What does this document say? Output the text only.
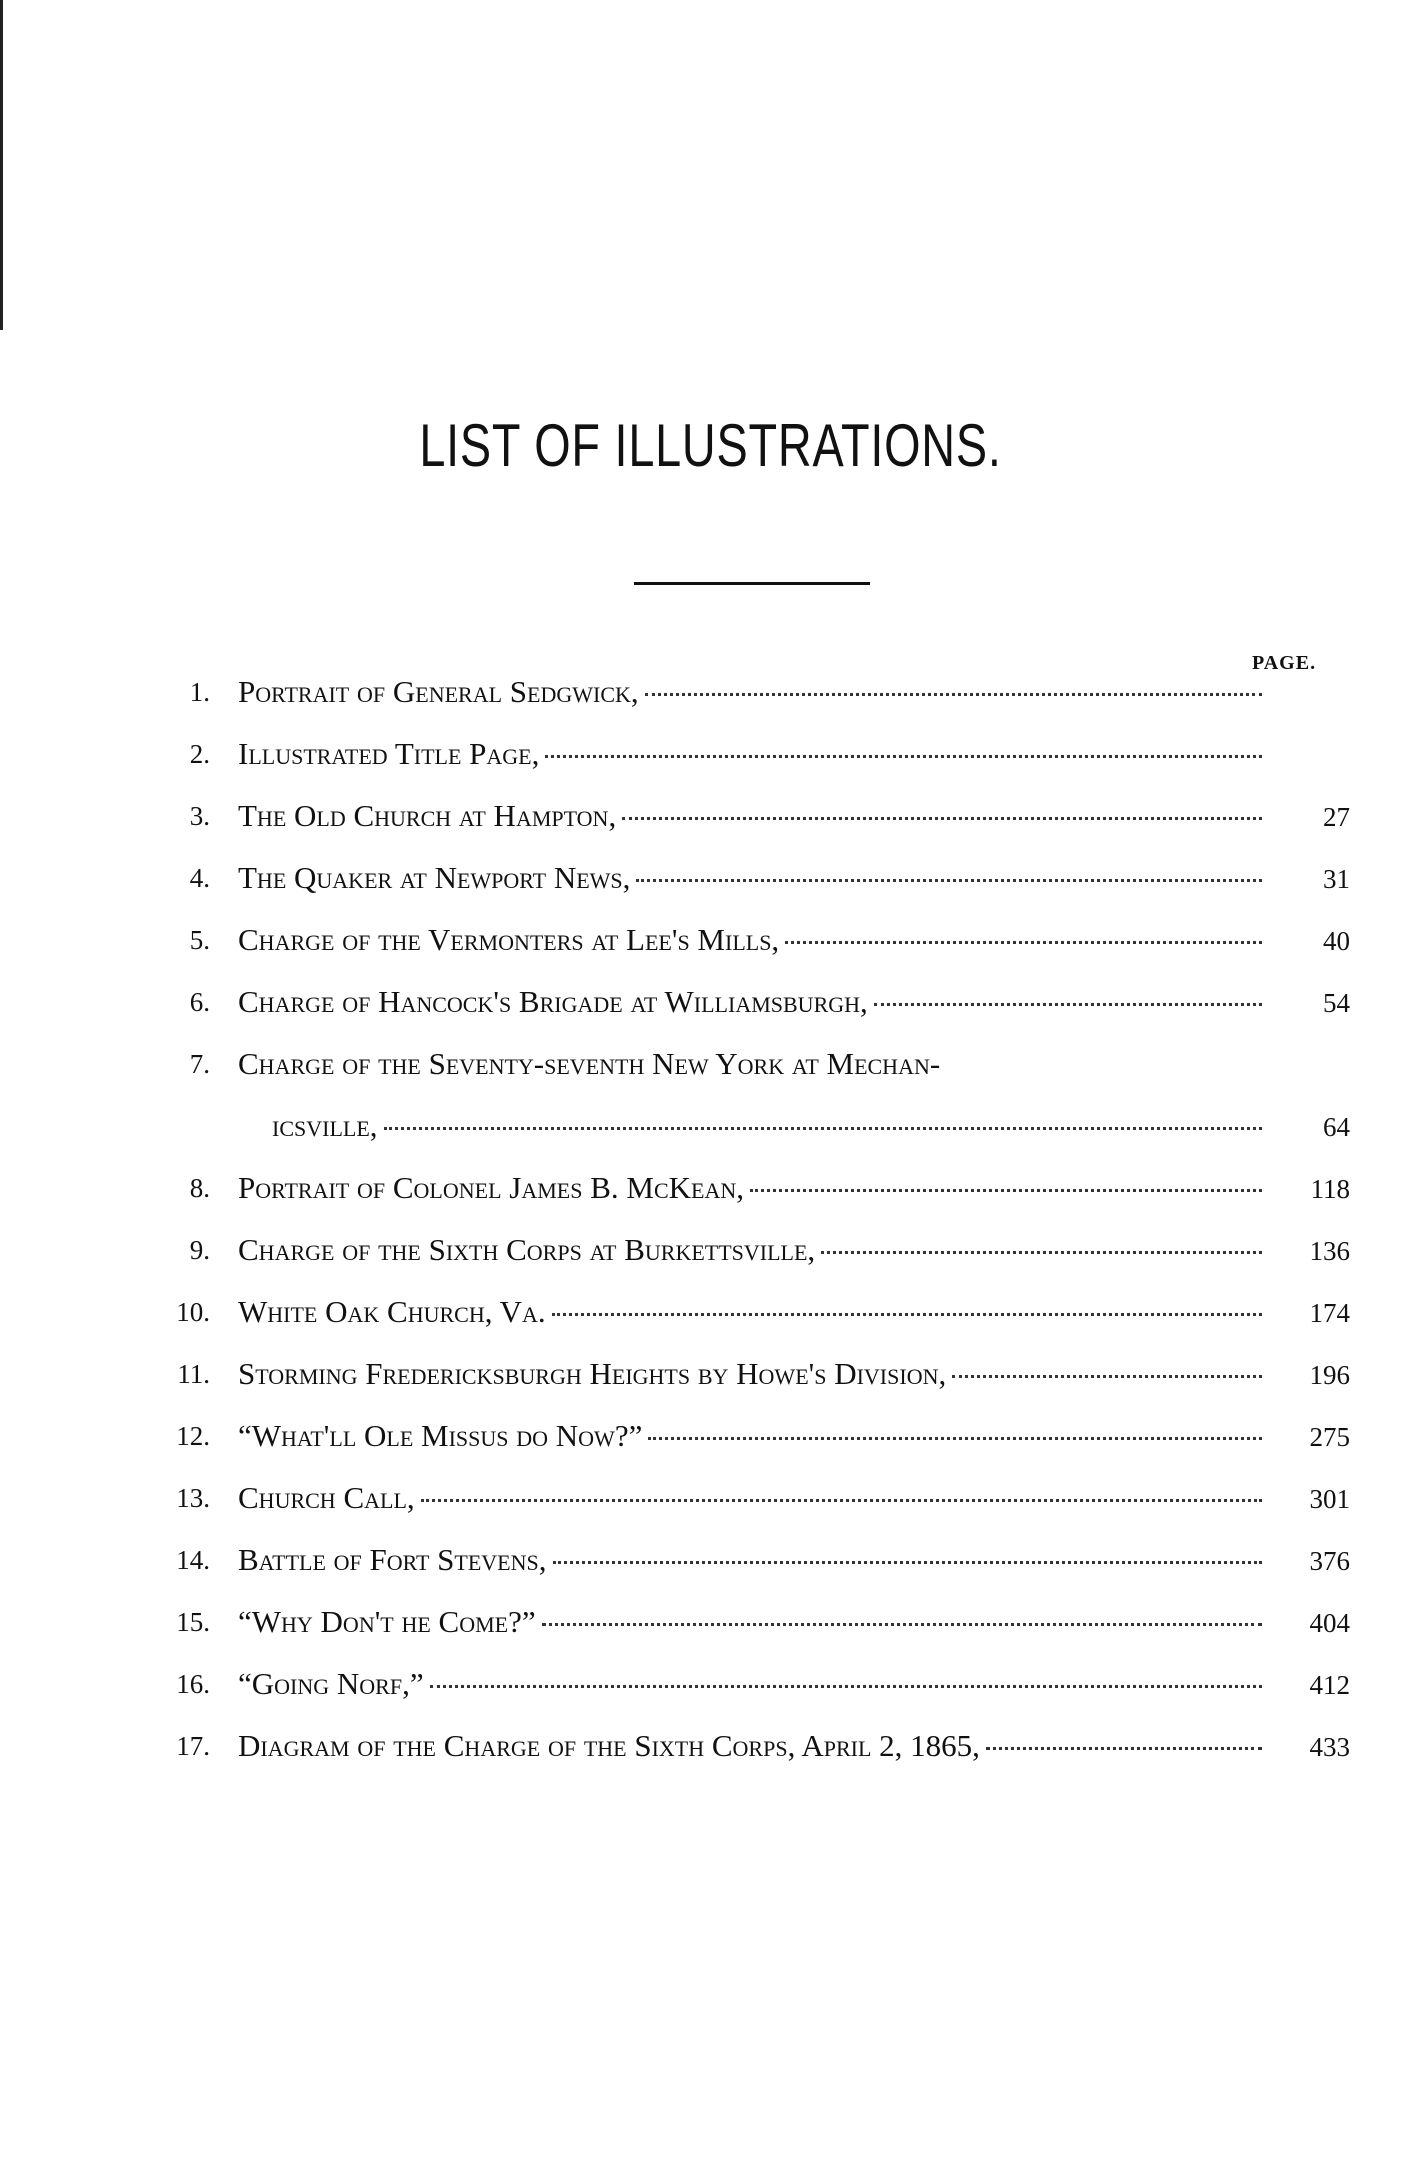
LIST OF ILLUSTRATIONS.
PAGE.
1. Portrait of General Sedgwick,
2. Illustrated Title Page,
3. The Old Church at Hampton,	27
4. The Quaker at Newport News,	31
5. Charge of the Vermonters at Lee's Mills,	40
6. Charge of Hancock's Brigade at Williamsburgh,	54
7. Charge of the Seventy-seventh New York at Mechan-
icsville,	64
8. Portrait of Colonel James B. McKean,	118
9. Charge of the Sixth Corps at Burkettsville,	136
10. White Oak Church, Va.	174
11. Storming Fredericksburgh Heights by Howe's Division,	196
12. “What'll Ole Missus do Now?”	275
13. Church Call,	301
14. Battle of Fort Stevens,	376
15. “Why Don't he Come?”	404
16. “Going Norf,”	412
17. Diagram of the Charge of the Sixth Corps, April 2, 1865,	433
